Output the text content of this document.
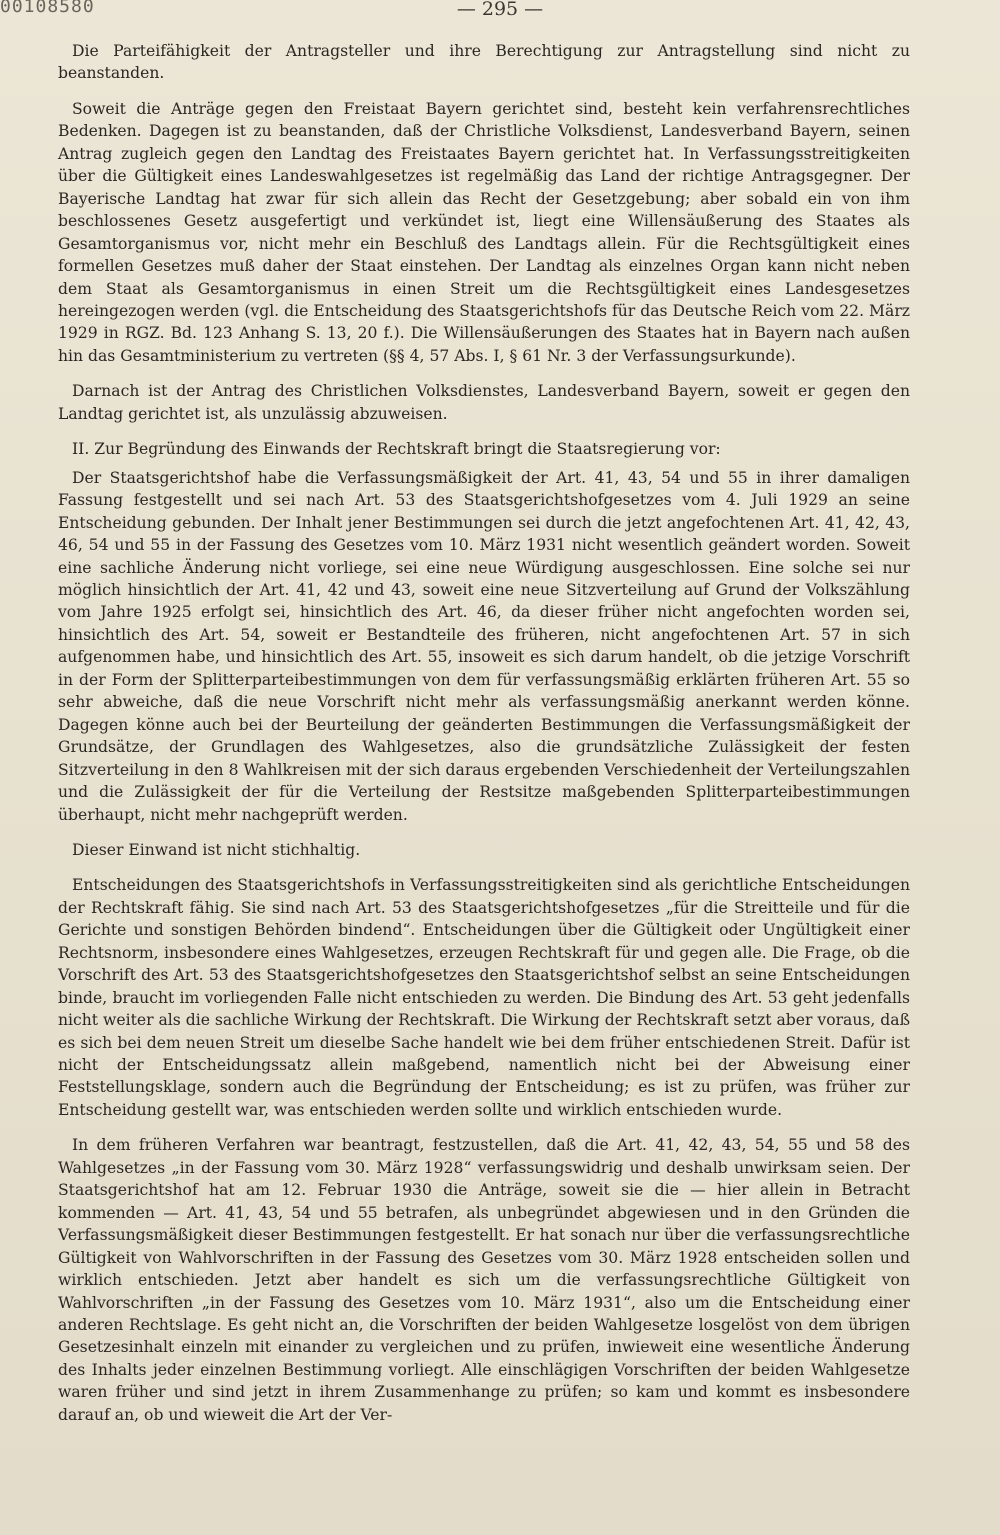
00108580	— 295 —

Die Parteifähigkeit der Antragsteller und ihre Berechtigung zur Antragstellung sind nicht zu beanstanden.

Soweit die Anträge gegen den Freistaat Bayern gerichtet sind, besteht kein verfahrensrechtliches Bedenken. Dagegen ist zu beanstanden, daß der Christliche Volksdienst, Landesverband Bayern, seinen Antrag zugleich gegen den Landtag des Freistaates Bayern gerichtet hat. In Verfassungsstreitigkeiten über die Gültigkeit eines Landeswahlgesetzes ist regelmäßig das Land der richtige Antragsgegner. Der Bayerische Landtag hat zwar für sich allein das Recht der Gesetzgebung; aber sobald ein von ihm beschlossenes Gesetz ausgefertigt und verkündet ist, liegt eine Willensäußerung des Staates als Gesamtorganismus vor, nicht mehr ein Beschluß des Landtags allein. Für die Rechtsgültigkeit eines formellen Gesetzes muß daher der Staat einstehen. Der Landtag als einzelnes Organ kann nicht neben dem Staat als Gesamtorganismus in einen Streit um die Rechtsgültigkeit eines Landesgesetzes hereingezogen werden (vgl. die Entscheidung des Staatsgerichtshofs für das Deutsche Reich vom 22. März 1929 in RGZ. Bd. 123 Anhang S. 13, 20 f.). Die Willensäußerungen des Staates hat in Bayern nach außen hin das Gesamtministerium zu vertreten (§§ 4, 57 Abs. I, § 61 Nr. 3 der Verfassungsurkunde).

Darnach ist der Antrag des Christlichen Volksdienstes, Landesverband Bayern, soweit er gegen den Landtag gerichtet ist, als unzulässig abzuweisen.

II. Zur Begründung des Einwands der Rechtskraft bringt die Staatsregierung vor:

Der Staatsgerichtshof habe die Verfassungsmäßigkeit der Art. 41, 43, 54 und 55 in ihrer damaligen Fassung festgestellt und sei nach Art. 53 des Staatsgerichtshofgesetzes vom 4. Juli 1929 an seine Entscheidung gebunden. Der Inhalt jener Bestimmungen sei durch die jetzt angefochtenen Art. 41, 42, 43, 46, 54 und 55 in der Fassung des Gesetzes vom 10. März 1931 nicht wesentlich geändert worden. Soweit eine sachliche Änderung nicht vorliege, sei eine neue Würdigung ausgeschlossen. Eine solche sei nur möglich hinsichtlich der Art. 41, 42 und 43, soweit eine neue Sitzverteilung auf Grund der Volkszählung vom Jahre 1925 erfolgt sei, hinsichtlich des Art. 46, da dieser früher nicht angefochten worden sei, hinsichtlich des Art. 54, soweit er Bestandteile des früheren, nicht angefochtenen Art. 57 in sich aufgenommen habe, und hinsichtlich des Art. 55, insoweit es sich darum handelt, ob die jetzige Vorschrift in der Form der Splitterparteibestimmungen von dem für verfassungsmäßig erklärten früheren Art. 55 so sehr abweiche, daß die neue Vorschrift nicht mehr als verfassungsmäßig anerkannt werden könne. Dagegen könne auch bei der Beurteilung der geänderten Bestimmungen die Verfassungsmäßigkeit der Grundsätze, der Grundlagen des Wahlgesetzes, also die grundsätzliche Zulässigkeit der festen Sitzverteilung in den 8 Wahlkreisen mit der sich daraus ergebenden Verschiedenheit der Verteilungszahlen und die Zulässigkeit der für die Verteilung der Restsitze maßgebenden Splitterparteibestimmungen überhaupt, nicht mehr nachgeprüft werden.

Dieser Einwand ist nicht stichhaltig.

Entscheidungen des Staatsgerichtshofs in Verfassungsstreitigkeiten sind als gerichtliche Entscheidungen der Rechtskraft fähig. Sie sind nach Art. 53 des Staatsgerichtshofgesetzes „für die Streitteile und für die Gerichte und sonstigen Behörden bindend“. Entscheidungen über die Gültigkeit oder Ungültigkeit einer Rechtsnorm, insbesondere eines Wahlgesetzes, erzeugen Rechtskraft für und gegen alle. Die Frage, ob die Vorschrift des Art. 53 des Staatsgerichtshofgesetzes den Staatsgerichtshof selbst an seine Entscheidungen binde, braucht im vorliegenden Falle nicht entschieden zu werden. Die Bindung des Art. 53 geht jedenfalls nicht weiter als die sachliche Wirkung der Rechtskraft. Die Wirkung der Rechtskraft setzt aber voraus, daß es sich bei dem neuen Streit um dieselbe Sache handelt wie bei dem früher entschiedenen Streit. Dafür ist nicht der Entscheidungssatz allein maßgebend, namentlich nicht bei der Abweisung einer Feststellungsklage, sondern auch die Begründung der Entscheidung; es ist zu prüfen, was früher zur Entscheidung gestellt war, was entschieden werden sollte und wirklich entschieden wurde.

In dem früheren Verfahren war beantragt, festzustellen, daß die Art. 41, 42, 43, 54, 55 und 58 des Wahlgesetzes „in der Fassung vom 30. März 1928“ verfassungswidrig und deshalb unwirksam seien. Der Staatsgerichtshof hat am 12. Februar 1930 die Anträge, soweit sie die — hier allein in Betracht kommenden — Art. 41, 43, 54 und 55 betrafen, als unbegründet abgewiesen und in den Gründen die Verfassungsmäßigkeit dieser Bestimmungen festgestellt. Er hat sonach nur über die verfassungsrechtliche Gültigkeit von Wahlvorschriften in der Fassung des Gesetzes vom 30. März 1928 entscheiden sollen und wirklich entschieden. Jetzt aber handelt es sich um die verfassungsrechtliche Gültigkeit von Wahlvorschriften „in der Fassung des Gesetzes vom 10. März 1931“, also um die Entscheidung einer anderen Rechtslage. Es geht nicht an, die Vorschriften der beiden Wahlgesetze losgelöst von dem übrigen Gesetzesinhalt einzeln mit einander zu vergleichen und zu prüfen, inwieweit eine wesentliche Änderung des Inhalts jeder einzelnen Bestimmung vorliegt. Alle einschlägigen Vorschriften der beiden Wahlgesetze waren früher und sind jetzt in ihrem Zusammenhange zu prüfen; so kam und kommt es insbesondere darauf an, ob und wieweit die Art der Ver-
